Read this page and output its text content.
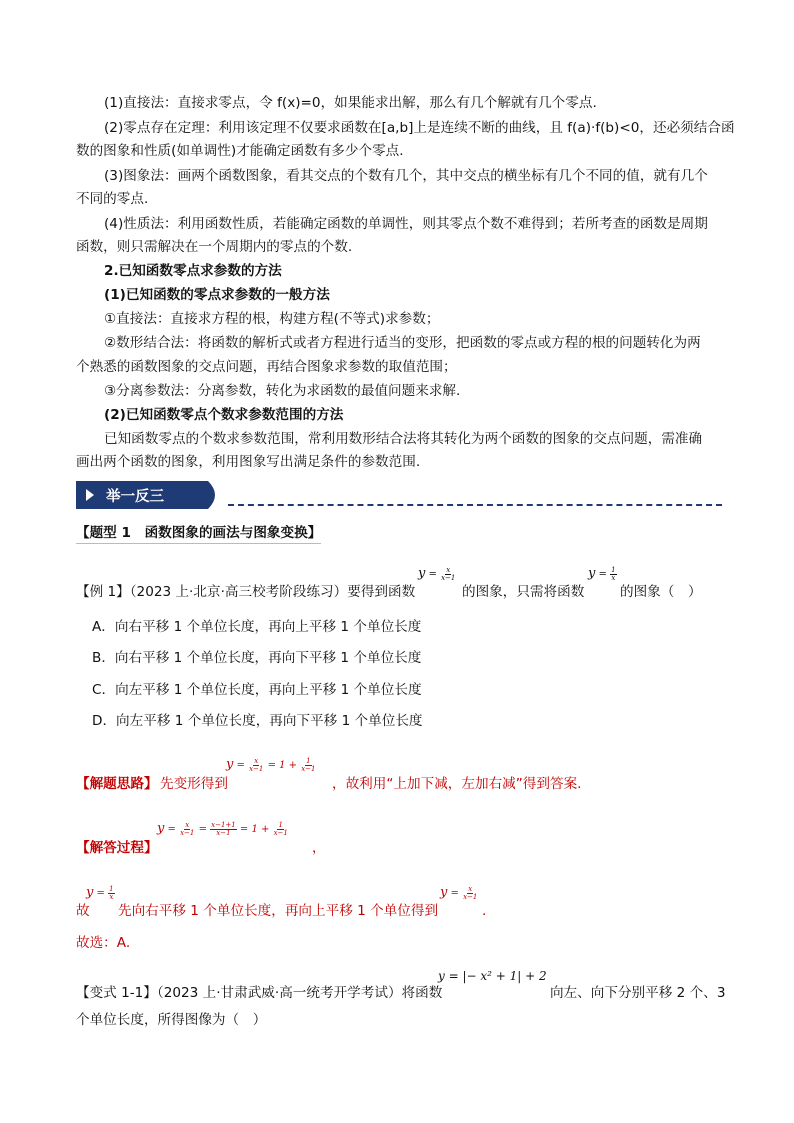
(1)直接法：直接求零点，令 f(x)=0，如果能求出解，那么有几个解就有几个零点.

(2)零点存在定理：利用该定理不仅要求函数在[a,b]上是连续不断的曲线，且 f(a)·f(b)<0，还必须结合函

数的图象和性质(如单调性)才能确定函数有多少个零点.

(3)图象法：画两个函数图象，看其交点的个数有几个，其中交点的横坐标有几个不同的值，就有几个

不同的零点.

(4)性质法：利用函数性质，若能确定函数的单调性，则其零点个数不难得到；若所考查的函数是周期

函数，则只需解决在一个周期内的零点的个数.

2.已知函数零点求参数的方法

(1)已知函数的零点求参数的一般方法

①直接法：直接求方程的根，构建方程(不等式)求参数；

②数形结合法：将函数的解析式或者方程进行适当的变形，把函数的零点或方程的根的问题转化为两

个熟悉的函数图象的交点问题，再结合图象求参数的取值范围；

③分离参数法：分离参数，转化为求函数的最值问题来求解.

(2)已知函数零点个数求参数范围的方法

已知函数零点的个数求参数范围，常利用数形结合法将其转化为两个函数的图象的交点问题，需准确

画出两个函数的图象，利用图象写出满足条件的参数范围.

举一反三
【题型 1　函数图象的画法与图象变换】
【例 1】（2023 上·北京·高三校考阶段练习）要得到函数
$y = \frac{x}{x-1}$
的图象，只需将函数
$y = \frac{1}{x}$
的图象（　）
A．向右平移 1 个单位长度，再向上平移 1 个单位长度
B．向右平移 1 个单位长度，再向下平移 1 个单位长度
C．向左平移 1 个单位长度，再向上平移 1 个单位长度
D．向左平移 1 个单位长度，再向下平移 1 个单位长度
【解题思路】 先变形得到
$y = \frac{x}{x-1} = 1 + \frac{1}{x-1}$
，故利用“上加下减，左加右减”得到答案.
【解答过程】
$y = \frac{x}{x-1} = \frac{x-1+1}{x-1} = 1 + \frac{1}{x-1}$
，
故
$y = \frac{1}{x}$
先向右平移 1 个单位长度，再向上平移 1 个单位得到
$y = \frac{x}{x-1}$
.
故选：A.
【变式 1-1】（2023 上·甘肃武威·高一统考开学考试）将函数
y = |− x² + 1| + 2
向左、向下分别平移 2 个、3
个单位长度，所得图像为（　）
